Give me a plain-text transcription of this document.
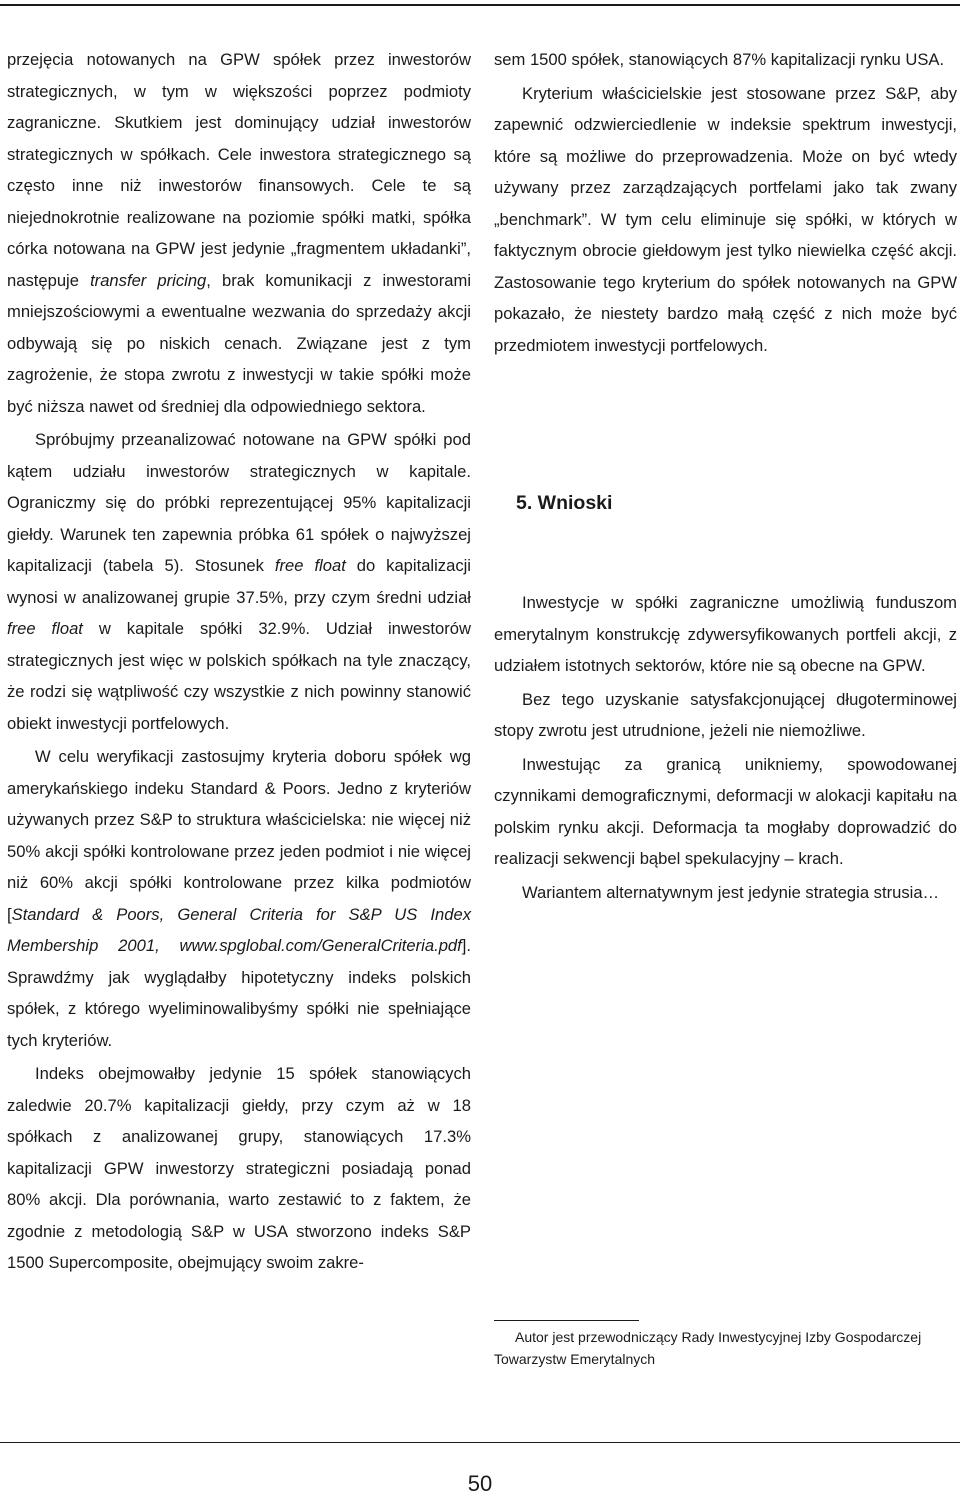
przejęcia notowanych na GPW spółek przez inwestorów strategicznych, w tym w większości poprzez podmioty zagraniczne. Skutkiem jest dominujący udział inwestorów strategicznych w spółkach. Cele inwestora strategicznego są często inne niż inwestorów finansowych. Cele te są niejednokrotnie realizowane na poziomie spółki matki, spółka córka notowana na GPW jest jedynie „fragmentem układanki”, następuje transfer pricing, brak komunikacji z inwestorami mniejszościowymi a ewentualne wezwania do sprzedaży akcji odbywają się po niskich cenach. Związane jest z tym zagrożenie, że stopa zwrotu z inwestycji w takie spółki może być niższa nawet od średniej dla odpowiedniego sektora.

Spróbujmy przeanalizować notowane na GPW spółki pod kątem udziału inwestorów strategicznych w kapitale. Ograniczmy się do próbki reprezentującej 95% kapitalizacji giełdy. Warunek ten zapewnia próbka 61 spółek o najwyższej kapitalizacji (tabela 5). Stosunek free float do kapitalizacji wynosi w analizowanej grupie 37.5%, przy czym średni udział free float w kapitale spółki 32.9%. Udział inwestorów strategicznych jest więc w polskich spółkach na tyle znaczący, że rodzi się wątpliwość czy wszystkie z nich powinny stanowić obiekt inwestycji portfelowych.

W celu weryfikacji zastosujmy kryteria doboru spółek wg amerykańskiego indeku Standard & Poors. Jedno z kryteriów używanych przez S&P to struktura właścicielska: nie więcej niż 50% akcji spółki kontrolowane przez jeden podmiot i nie więcej niż 60% akcji spółki kontrolowane przez kilka podmiotów [Standard & Poors, General Criteria for S&P US Index Membership 2001, www.spglobal.com/GeneralCriteria.pdf]. Sprawdźmy jak wyglądałby hipotetyczny indeks polskich spółek, z którego wyeliminowalibyśmy spółki nie spełniające tych kryteriów.

Indeks obejmowałby jedynie 15 spółek stanowiących zaledwie 20.7% kapitalizacji giełdy, przy czym aż w 18 spółkach z analizowanej grupy, stanowiących 17.3% kapitalizacji GPW inwestorzy strategiczni posiadają ponad 80% akcji. Dla porównania, warto zestawić to z faktem, że zgodnie z metodologią S&P w USA stworzono indeks S&P 1500 Supercomposite, obejmujący swoim zakre-

sem 1500 spółek, stanowiących 87% kapitalizacji rynku USA.

Kryterium właścicielskie jest stosowane przez S&P, aby zapewnić odzwierciedlenie w indeksie spektrum inwestycji, które są możliwe do przeprowadzenia. Może on być wtedy używany przez zarządzających portfelami jako tak zwany „benchmark”. W tym celu eliminuje się spółki, w których w faktycznym obrocie giełdowym jest tylko niewielka część akcji. Zastosowanie tego kryterium do spółek notowanych na GPW pokazało, że niestety bardzo małą część z nich może być przedmiotem inwestycji portfelowych.

5. Wnioski

Inwestycje w spółki zagraniczne umożliwią funduszom emerytalnym konstrukcję zdywersyfikowanych portfeli akcji, z udziałem istotnych sektorów, które nie są obecne na GPW.

Bez tego uzyskanie satysfakcjonującej długoterminowej stopy zwrotu jest utrudnione, jeżeli nie niemożliwe.

Inwestując za granicą unikniemy, spowodowanej czynnikami demograficznymi, deformacji w alokacji kapitału na polskim rynku akcji. Deformacja ta mogłaby doprowadzić do realizacji sekwencji bąbel spekulacyjny – krach.

Wariantem alternatywnym jest jedynie strategia strusia…

Autor jest przewodniczący Rady Inwestycyjnej Izby Gospodarczej Towarzystw Emerytalnych
50
